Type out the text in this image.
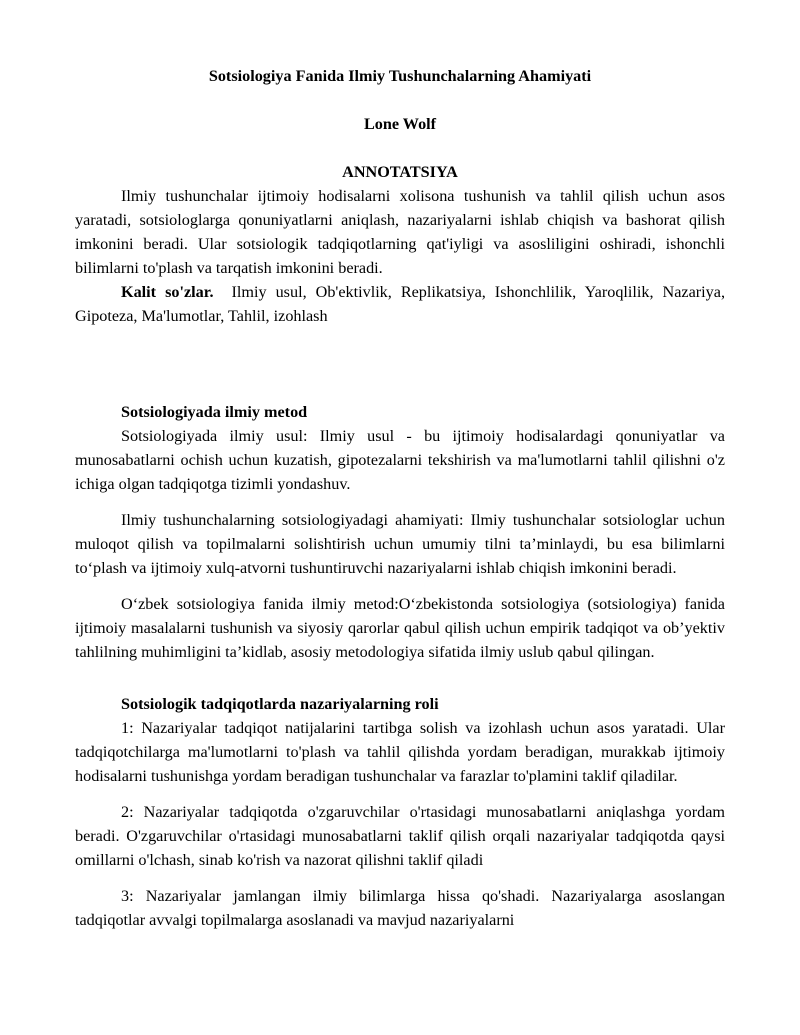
Sotsiologiya Fanida Ilmiy Tushunchalarning Ahamiyati

Lone Wolf

ANNOTATSIYA

Ilmiy tushunchalar ijtimoiy hodisalarni xolisona tushunish va tahlil qilish uchun asos yaratadi, sotsiologlarga qonuniyatlarni aniqlash, nazariyalarni ishlab chiqish va bashorat qilish imkonini beradi. Ular sotsiologik tadqiqotlarning qat'iyligi va asosliligini oshiradi, ishonchli bilimlarni to'plash va tarqatish imkonini beradi.

Kalit so'zlar. Ilmiy usul, Ob'ektivlik, Replikatsiya, Ishonchlilik, Yaroqlilik, Nazariya, Gipoteza, Ma'lumotlar, Tahlil, izohlash

Sotsiologiyada ilmiy metod

Sotsiologiyada ilmiy usul: Ilmiy usul - bu ijtimoiy hodisalardagi qonuniyatlar va munosabatlarni ochish uchun kuzatish, gipotezalarni tekshirish va ma'lumotlarni tahlil qilishni o'z ichiga olgan tadqiqotga tizimli yondashuv.

Ilmiy tushunchalarning sotsiologiyadagi ahamiyati: Ilmiy tushunchalar sotsiologlar uchun muloqot qilish va topilmalarni solishtirish uchun umumiy tilni ta’minlaydi, bu esa bilimlarni to‘plash va ijtimoiy xulq-atvorni tushuntiruvchi nazariyalarni ishlab chiqish imkonini beradi.

O‘zbek sotsiologiya fanida ilmiy metod:O‘zbekistonda sotsiologiya (sotsiologiya) fanida ijtimoiy masalalarni tushunish va siyosiy qarorlar qabul qilish uchun empirik tadqiqot va ob’yektiv tahlilning muhimligini ta’kidlab, asosiy metodologiya sifatida ilmiy uslub qabul qilingan.

Sotsiologik tadqiqotlarda nazariyalarning roli

1: Nazariyalar tadqiqot natijalarini tartibga solish va izohlash uchun asos yaratadi. Ular tadqiqotchilarga ma'lumotlarni to'plash va tahlil qilishda yordam beradigan, murakkab ijtimoiy hodisalarni tushunishga yordam beradigan tushunchalar va farazlar to'plamini taklif qiladilar.

2: Nazariyalar tadqiqotda o'zgaruvchilar o'rtasidagi munosabatlarni aniqlashga yordam beradi. O'zgaruvchilar o'rtasidagi munosabatlarni taklif qilish orqali nazariyalar tadqiqotda qaysi omillarni o'lchash, sinab ko'rish va nazorat qilishni taklif qiladi

3: Nazariyalar jamlangan ilmiy bilimlarga hissa qo'shadi. Nazariyalarga asoslangan tadqiqotlar avvalgi topilmalarga asoslanadi va mavjud nazariyalarni
